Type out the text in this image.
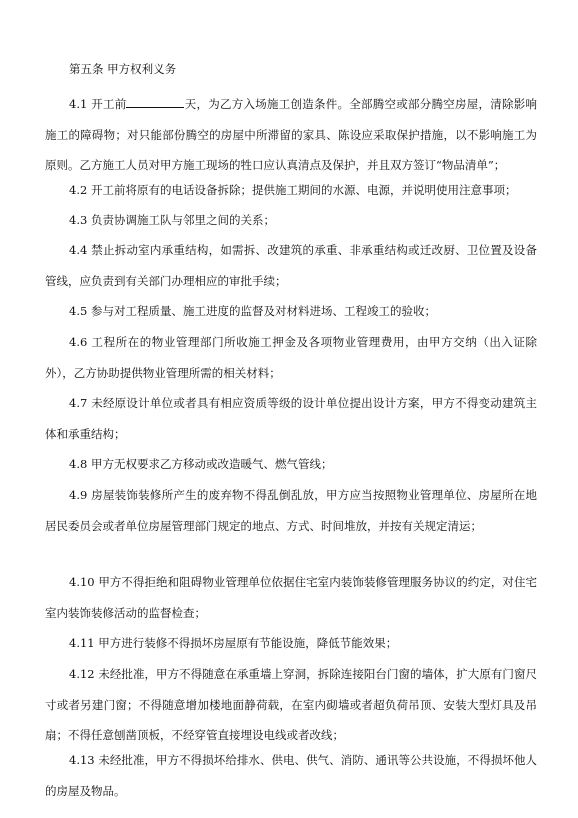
第五条 甲方权利义务

4.1 开工前	天，为乙方入场施工创造条件。全部腾空或部分腾空房屋，清除影响施工的障碍物；对只能部份腾空的房屋中所滞留的家具、陈设应采取保护措施，以不影响施工为原则。乙方施工人员对甲方施工现场的牲口应认真清点及保护，并且双方签订“物品清单”；

4.2 开工前将原有的电话设备拆除；提供施工期间的水源、电源，并说明使用注意事项；

4.3 负责协调施工队与邻里之间的关系；

4.4 禁止拆动室内承重结构，如需拆、改建筑的承重、非承重结构或迁改厨、卫位置及设备管线，应负责到有关部门办理相应的审批手续；

4.5 参与对工程质量、施工进度的监督及对材料进场、工程竣工的验收；

4.6 工程所在的物业管理部门所收施工押金及各项物业管理费用，由甲方交纳（出入证除外），乙方协助提供物业管理所需的相关材料；

4.7 未经原设计单位或者具有相应资质等级的设计单位提出设计方案，甲方不得变动建筑主体和承重结构；

4.8 甲方无权要求乙方移动或改造暖气、燃气管线；

4.9 房屋装饰装修所产生的废弃物不得乱倒乱放，甲方应当按照物业管理单位、房屋所在地居民委员会或者单位房屋管理部门规定的地点、方式、时间堆放，并按有关规定清运；

4.10 甲方不得拒绝和阻碍物业管理单位依据住宅室内装饰装修管理服务协议的约定，对住宅室内装饰装修活动的监督检查；

4.11 甲方进行装修不得损坏房屋原有节能设施，降低节能效果；

4.12 未经批准，甲方不得随意在承重墙上穿洞，拆除连接阳台门窗的墙体，扩大原有门窗尺寸或者另建门窗；不得随意增加楼地面静荷载，在室内砌墙或者超负荷吊顶、安装大型灯具及吊扇；不得任意刨凿顶板，不经穿管直接埋设电线或者改线；

4.13 未经批准，甲方不得损坏给排水、供电、供气、消防、通讯等公共设施，不得损坏他人的房屋及物品。
